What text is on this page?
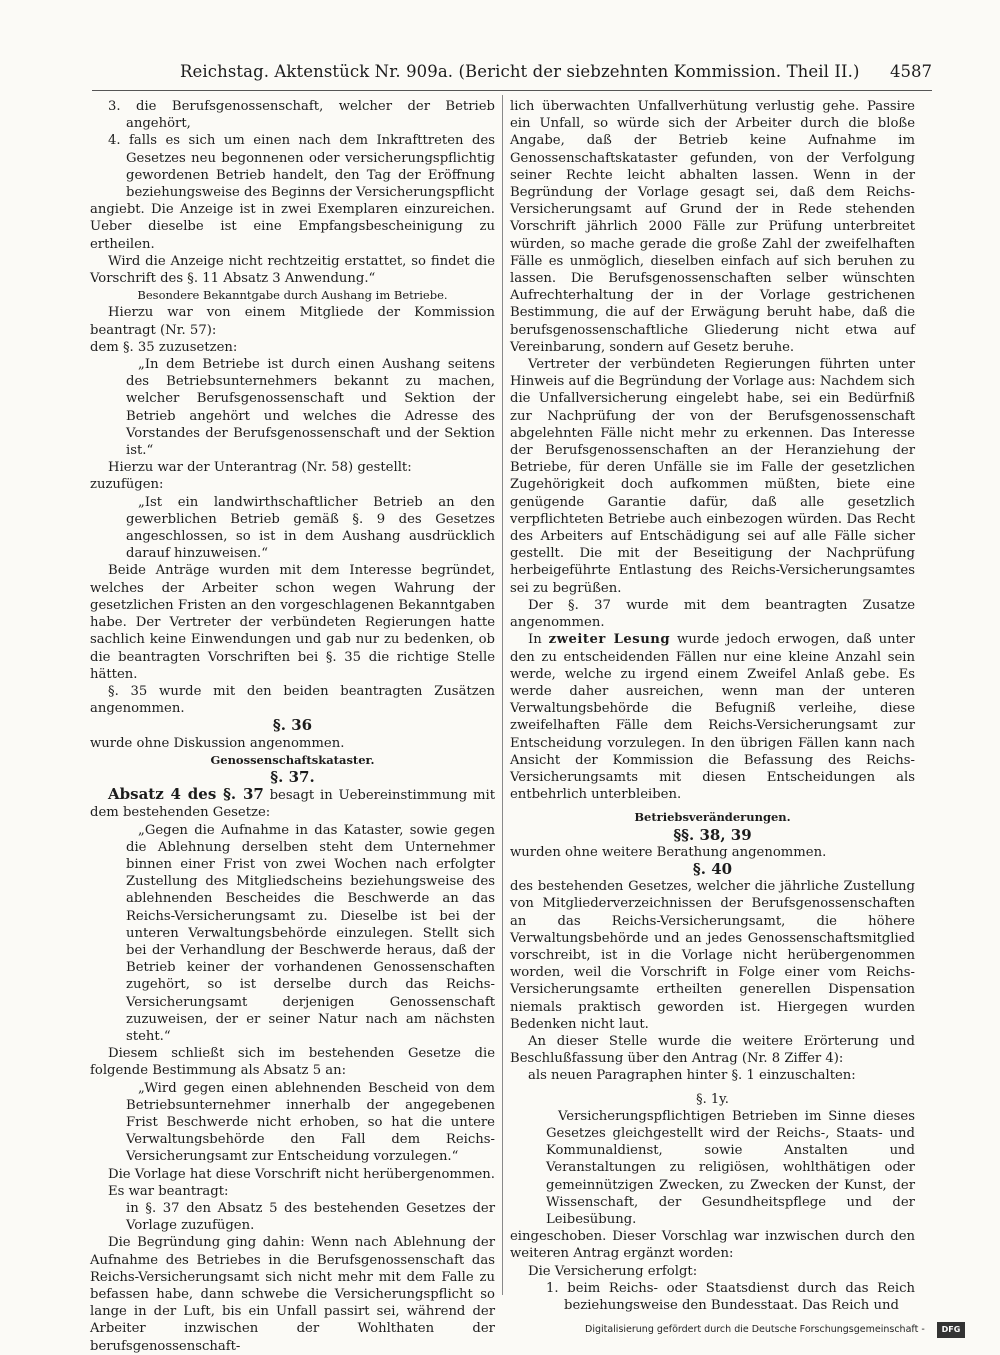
Reichstag. Aktenstück Nr. 909a. (Bericht der siebzehnten Kommission. Theil II.) 4587

3. die Berufsgenossenschaft, welcher der Betrieb angehört,

4. falls es sich um einen nach dem Inkrafttreten des Gesetzes neu begonnenen oder versicherungspflichtig gewordenen Betrieb handelt, den Tag der Eröffnung beziehungsweise des Beginns der Versicherungspflicht

angiebt. Die Anzeige ist in zwei Exemplaren einzureichen. Ueber dieselbe ist eine Empfangsbescheinigung zu ertheilen.

Wird die Anzeige nicht rechtzeitig erstattet, so findet die Vorschrift des §. 11 Absatz 3 Anwendung.“

Besondere Bekanntgabe durch Aushang im Betriebe.

Hierzu war von einem Mitgliede der Kommission beantragt (Nr. 57):

dem §. 35 zuzusetzen:

„In dem Betriebe ist durch einen Aushang seitens des Betriebsunternehmers bekannt zu machen, welcher Berufsgenossenschaft und Sektion der Betrieb angehört und welches die Adresse des Vorstandes der Berufsgenossenschaft und der Sektion ist.“

Hierzu war der Unterantrag (Nr. 58) gestellt:

zuzufügen:

„Ist ein landwirthschaftlicher Betrieb an den gewerblichen Betrieb gemäß §. 9 des Gesetzes angeschlossen, so ist in dem Aushang ausdrücklich darauf hinzuweisen.“

Beide Anträge wurden mit dem Interesse begründet, welches der Arbeiter schon wegen Wahrung der gesetzlichen Fristen an den vorgeschlagenen Bekanntgaben habe. Der Vertreter der verbündeten Regierungen hatte sachlich keine Einwendungen und gab nur zu bedenken, ob die beantragten Vorschriften bei §. 35 die richtige Stelle hätten.

§. 35 wurde mit den beiden beantragten Zusätzen angenommen.

§. 36

wurde ohne Diskussion angenommen.

Genossenschaftskataster.

§. 37.

Absatz 4 des §. 37 besagt in Uebereinstimmung mit dem bestehenden Gesetze:

„Gegen die Aufnahme in das Kataster, sowie gegen die Ablehnung derselben steht dem Unternehmer binnen einer Frist von zwei Wochen nach erfolgter Zustellung des Mitgliedscheins beziehungsweise des ablehnenden Bescheides die Beschwerde an das Reichs-Versicherungsamt zu. Dieselbe ist bei der unteren Verwaltungsbehörde einzulegen. Stellt sich bei der Verhandlung der Beschwerde heraus, daß der Betrieb keiner der vorhandenen Genossenschaften zugehört, so ist derselbe durch das Reichs-Versicherungsamt derjenigen Genossenschaft zuzuweisen, der er seiner Natur nach am nächsten steht.“

Diesem schließt sich im bestehenden Gesetze die folgende Bestimmung als Absatz 5 an:

„Wird gegen einen ablehnenden Bescheid von dem Betriebsunternehmer innerhalb der angegebenen Frist Beschwerde nicht erhoben, so hat die untere Verwaltungsbehörde den Fall dem Reichs-Versicherungsamt zur Entscheidung vorzulegen.“

Die Vorlage hat diese Vorschrift nicht herübergenommen.

Es war beantragt:

in §. 37 den Absatz 5 des bestehenden Gesetzes der Vorlage zuzufügen.

Die Begründung ging dahin: Wenn nach Ablehnung der Aufnahme des Betriebes in die Berufsgenossenschaft das Reichs-Versicherungsamt sich nicht mehr mit dem Falle zu befassen habe, dann schwebe die Versicherungspflicht so lange in der Luft, bis ein Unfall passirt sei, während der Arbeiter inzwischen der Wohlthaten der berufsgenossenschaft-

lich überwachten Unfallverhütung verlustig gehe. Passire ein Unfall, so würde sich der Arbeiter durch die bloße Angabe, daß der Betrieb keine Aufnahme im Genossenschaftskataster gefunden, von der Verfolgung seiner Rechte leicht abhalten lassen. Wenn in der Begründung der Vorlage gesagt sei, daß dem Reichs-Versicherungsamt auf Grund der in Rede stehenden Vorschrift jährlich 2000 Fälle zur Prüfung unterbreitet würden, so mache gerade die große Zahl der zweifelhaften Fälle es unmöglich, dieselben einfach auf sich beruhen zu lassen. Die Berufsgenossenschaften selber wünschten Aufrechterhaltung der in der Vorlage gestrichenen Bestimmung, die auf der Erwägung beruht habe, daß die berufsgenossenschaftliche Gliederung nicht etwa auf Vereinbarung, sondern auf Gesetz beruhe.

Vertreter der verbündeten Regierungen führten unter Hinweis auf die Begründung der Vorlage aus: Nachdem sich die Unfallversicherung eingelebt habe, sei ein Bedürfniß zur Nachprüfung der von der Berufsgenossenschaft abgelehnten Fälle nicht mehr zu erkennen. Das Interesse der Berufsgenossenschaften an der Heranziehung der Betriebe, für deren Unfälle sie im Falle der gesetzlichen Zugehörigkeit doch aufkommen müßten, biete eine genügende Garantie dafür, daß alle gesetzlich verpflichteten Betriebe auch einbezogen würden. Das Recht des Arbeiters auf Entschädigung sei auf alle Fälle sicher gestellt. Die mit der Beseitigung der Nachprüfung herbeigeführte Entlastung des Reichs-Versicherungsamtes sei zu begrüßen.

Der §. 37 wurde mit dem beantragten Zusatze angenommen.

In zweiter Lesung wurde jedoch erwogen, daß unter den zu entscheidenden Fällen nur eine kleine Anzahl sein werde, welche zu irgend einem Zweifel Anlaß gebe. Es werde daher ausreichen, wenn man der unteren Verwaltungsbehörde die Befugniß verleihe, diese zweifelhaften Fälle dem Reichs-Versicherungsamt zur Entscheidung vorzulegen. In den übrigen Fällen kann nach Ansicht der Kommission die Befassung des Reichs-Versicherungsamts mit diesen Entscheidungen als entbehrlich unterbleiben.

Betriebsveränderungen.

§§. 38, 39

wurden ohne weitere Berathung angenommen.

§. 40

des bestehenden Gesetzes, welcher die jährliche Zustellung von Mitgliederverzeichnissen der Berufsgenossenschaften an das Reichs-Versicherungsamt, die höhere Verwaltungsbehörde und an jedes Genossenschaftsmitglied vorschreibt, ist in die Vorlage nicht herübergenommen worden, weil die Vorschrift in Folge einer vom Reichs-Versicherungsamte ertheilten generellen Dispensation niemals praktisch geworden ist. Hiergegen wurden Bedenken nicht laut.

An dieser Stelle wurde die weitere Erörterung und Beschlußfassung über den Antrag (Nr. 8 Ziffer 4):

als neuen Paragraphen hinter §. 1 einzuschalten:

§. 1y.

Versicherungspflichtigen Betrieben im Sinne dieses Gesetzes gleichgestellt wird der Reichs-, Staats- und Kommunaldienst, sowie Anstalten und Veranstaltungen zu religiösen, wohlthätigen oder gemeinnützigen Zwecken, zu Zwecken der Kunst, der Wissenschaft, der Gesundheitspflege und der Leibesübung.

eingeschoben. Dieser Vorschlag war inzwischen durch den weiteren Antrag ergänzt worden:

Die Versicherung erfolgt:

1. beim Reichs- oder Staatsdienst durch das Reich beziehungsweise den Bundesstaat. Das Reich und

Digitalisierung gefördert durch die Deutsche Forschungsgemeinschaft -	DFG
